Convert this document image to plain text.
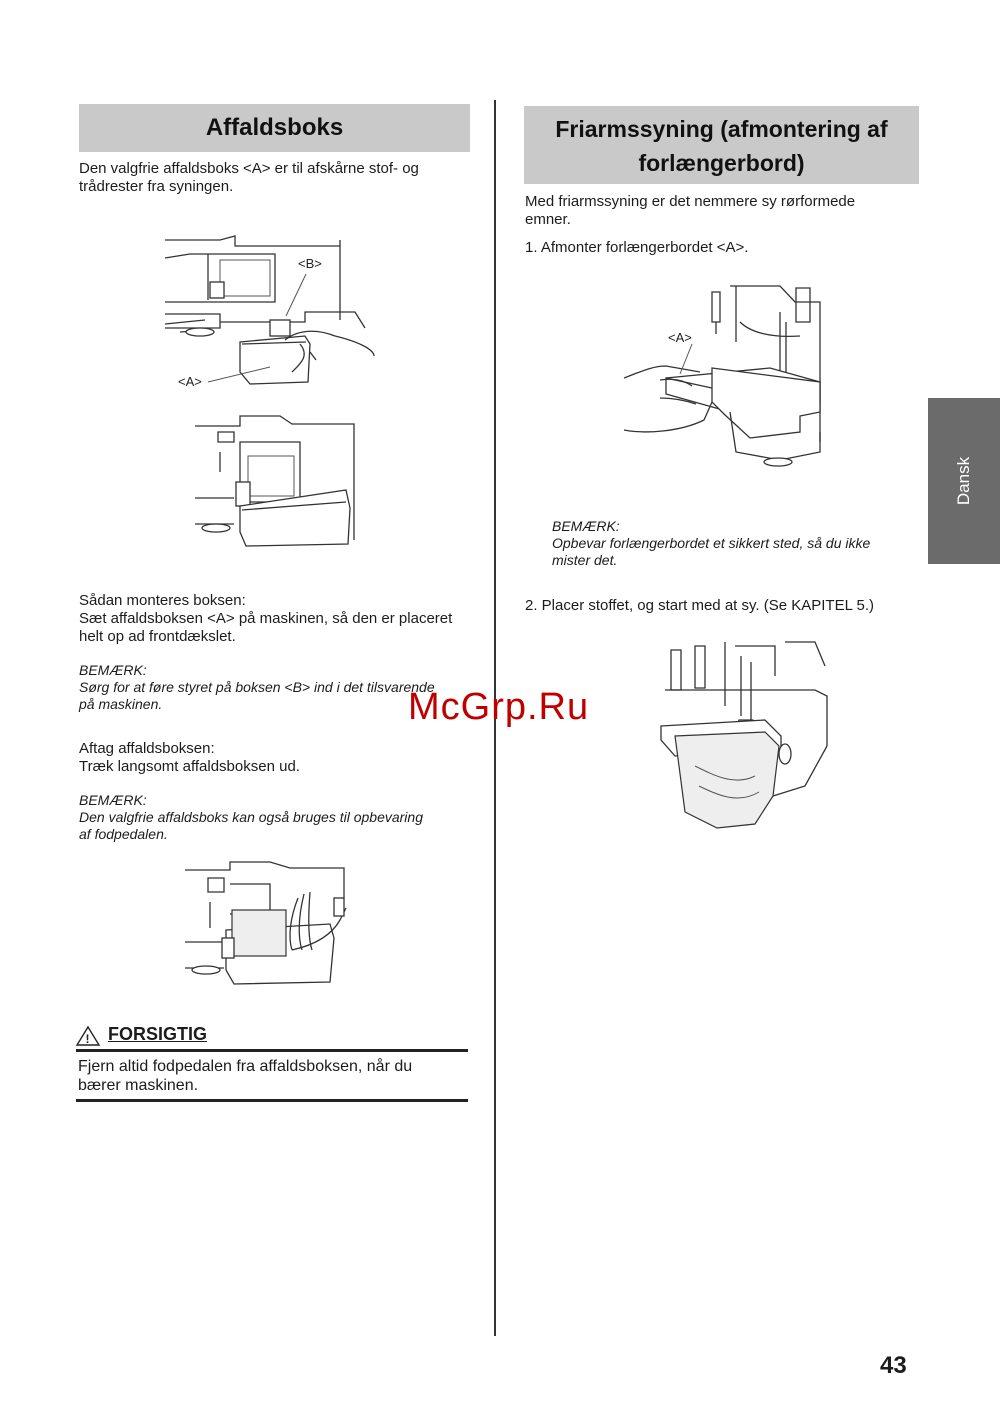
Affaldsboks
Den valgfrie affaldsboks <A> er til afskårne stof- og
trådrester fra syningen.
<B>
<A>
Sådan monteres boksen:
Sæt affaldsboksen <A> på maskinen, så den er placeret
helt op ad frontdækslet.
BEMÆRK:
Sørg for at føre styret på boksen <B> ind i det tilsvarende
på maskinen.
Aftag affaldsboksen:
Træk langsomt affaldsboksen ud.
BEMÆRK:
Den valgfrie affaldsboks kan også bruges til opbevaring
af fodpedalen.
! FORSIGTIG
Fjern altid fodpedalen fra affaldsboksen, når du
bærer maskinen.
Friarmssyning (afmontering af
forlængerbord)
Med friarmssyning er det nemmere sy rørformede
emner.
1. Afmonter forlængerbordet <A>.
<A>
BEMÆRK:
Opbevar forlængerbordet et sikkert sted, så du ikke
mister det.
2. Placer stoffet, og start med at sy. (Se KAPITEL 5.)
Dansk
43
McGrp.Ru
